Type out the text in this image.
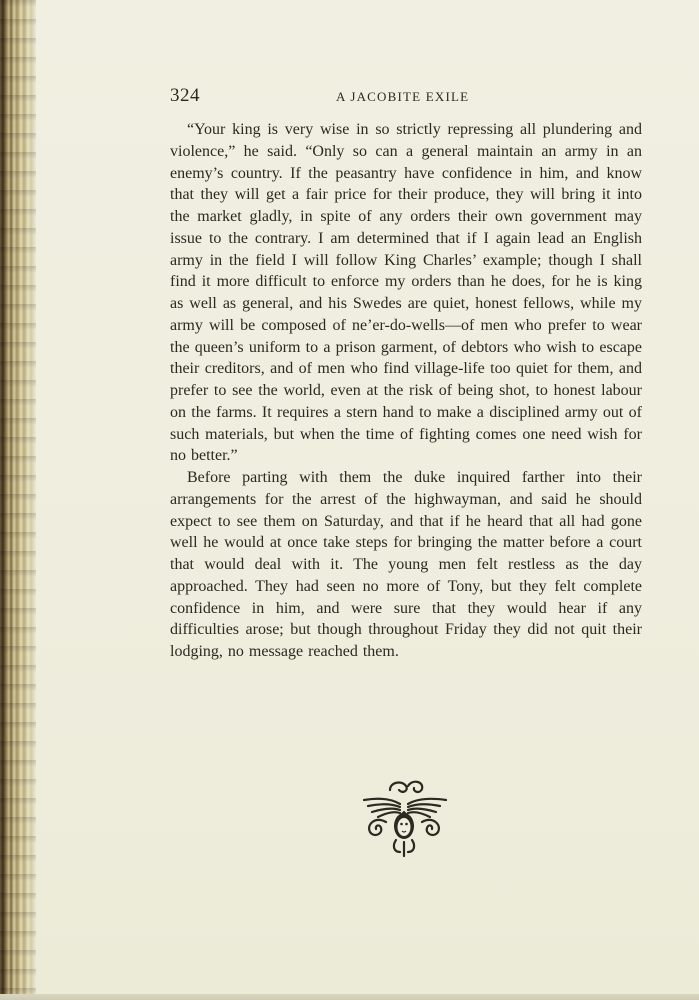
324	A JACOBITE EXILE

“Your king is very wise in so strictly repressing all plundering and violence,” he said. “Only so can a general maintain an army in an enemy’s country. If the peasantry have confidence in him, and know that they will get a fair price for their produce, they will bring it into the market gladly, in spite of any orders their own government may issue to the contrary. I am determined that if I again lead an English army in the field I will follow King Charles’ example; though I shall find it more difficult to enforce my orders than he does, for he is king as well as general, and his Swedes are quiet, honest fellows, while my army will be composed of ne’er-do-wells—of men who prefer to wear the queen’s uniform to a prison garment, of debtors who wish to escape their creditors, and of men who find village-life too quiet for them, and prefer to see the world, even at the risk of being shot, to honest labour on the farms. It requires a stern hand to make a disciplined army out of such materials, but when the time of fighting comes one need wish for no better.”

Before parting with them the duke inquired farther into their arrangements for the arrest of the highwayman, and said he should expect to see them on Saturday, and that if he heard that all had gone well he would at once take steps for bringing the matter before a court that would deal with it. The young men felt restless as the day approached. They had seen no more of Tony, but they felt complete confidence in him, and were sure that they would hear if any difficulties arose; but though throughout Friday they did not quit their lodging, no message reached them.
